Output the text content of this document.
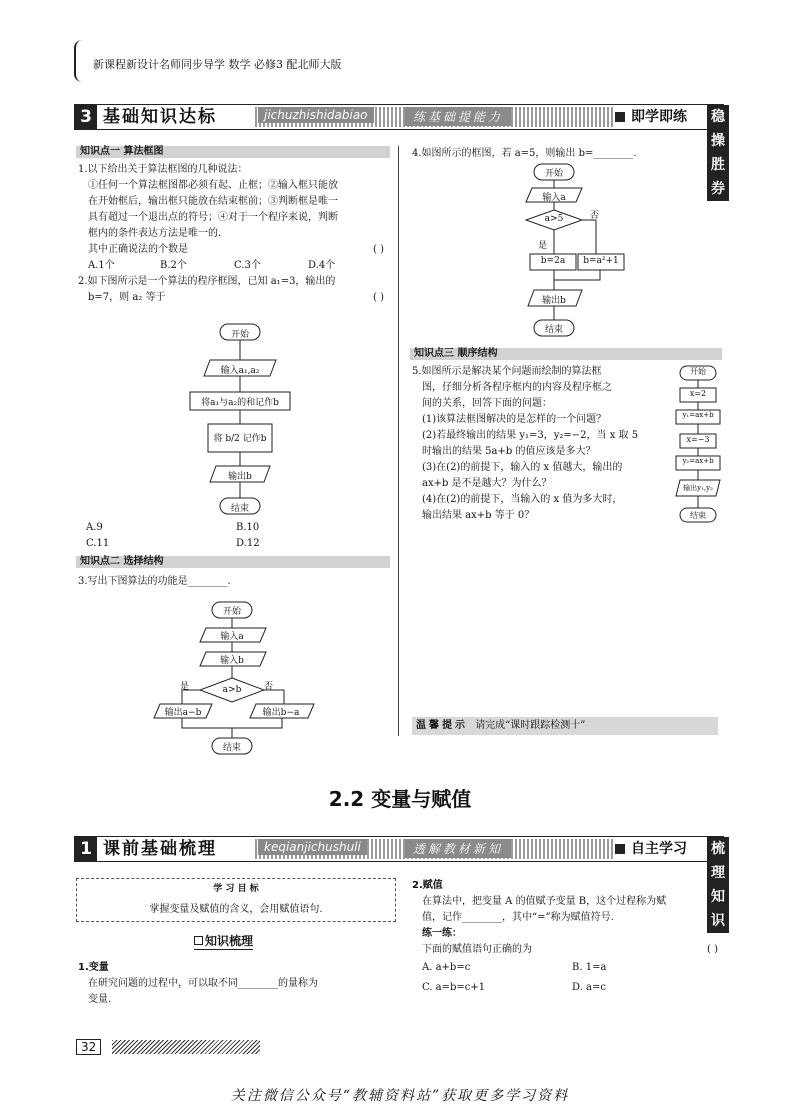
新课程新设计名师同步导学 数学 必修3 配北师大版
3 基础知识达标	jichuzhishidabiao	练基础提能力	即学即练 稳操胜券
知识点一 算法框图
1.以下给出关于算法框图的几种说法：
①任何一个算法框图都必须有起、止框；②输入框只能放
在开始框后，输出框只能放在结束框前；③判断框是唯一
具有超过一个退出点的符号；④对于一个程序来说，判断
框内的条件表达方法是唯一的.
其中正确说法的个数是	( )
A.1个	B.2个	C.3个	D.4个
2.如下图所示是一个算法的程序框图，已知 a₁=3，输出的
b=7，则 a₂ 等于	( )
开始
输入a₁,a₂
将a₁与a₂的和记作b
将 b/2 记作b
输出b
结束
A.9	B.10
C.11	D.12
知识点二 选择结构
3.写出下图算法的功能是________.
开始
输入a
输入b
a>b
是	否
输出a−b	输出b−a
结束
4.如图所示的框图，若 a=5，则输出 b=________.
开始
输入a
a>5	否
是
b=2a	b=a²+1
输出b
结束
知识点三 顺序结构
5.如图所示是解决某个问题而绘制的算法框
图，仔细分析各程序框内的内容及程序框之
间的关系，回答下面的问题：
(1)该算法框图解决的是怎样的一个问题？
(2)若最终输出的结果 y₁=3，y₂=−2，当 x 取 5
时输出的结果 5a+b 的值应该是多大？
(3)在(2)的前提下，输入的 x 值越大，输出的
ax+b 是不是越大？为什么？
(4)在(2)的前提下，当输入的 x 值为多大时，
输出结果 ax+b 等于 0？
开始
x=2
y₁=ax+b
x=−3
y₂=ax+b
输出y₁,y₂
结束
温馨提示 请完成“课时跟踪检测十”
2.2 变量与赋值
1 课前基础梳理	keqianjichushuli	透解教材新知	自主学习 梳理知识
学 习 目 标
掌握变量及赋值的含义，会用赋值语句.
知识梳理
1.变量
在研究问题的过程中，可以取不同________的量称为
变量.
2.赋值
在算法中，把变量 A 的值赋予变量 B，这个过程称为赋
值，记作________，其中“=”称为赋值符号.
练一练：
下面的赋值语句正确的为	( )
A. a+b=c	B. 1=a
C. a=b=c+1	D. a=c
32
关注微信公众号“教辅资料站”获取更多学习资料
